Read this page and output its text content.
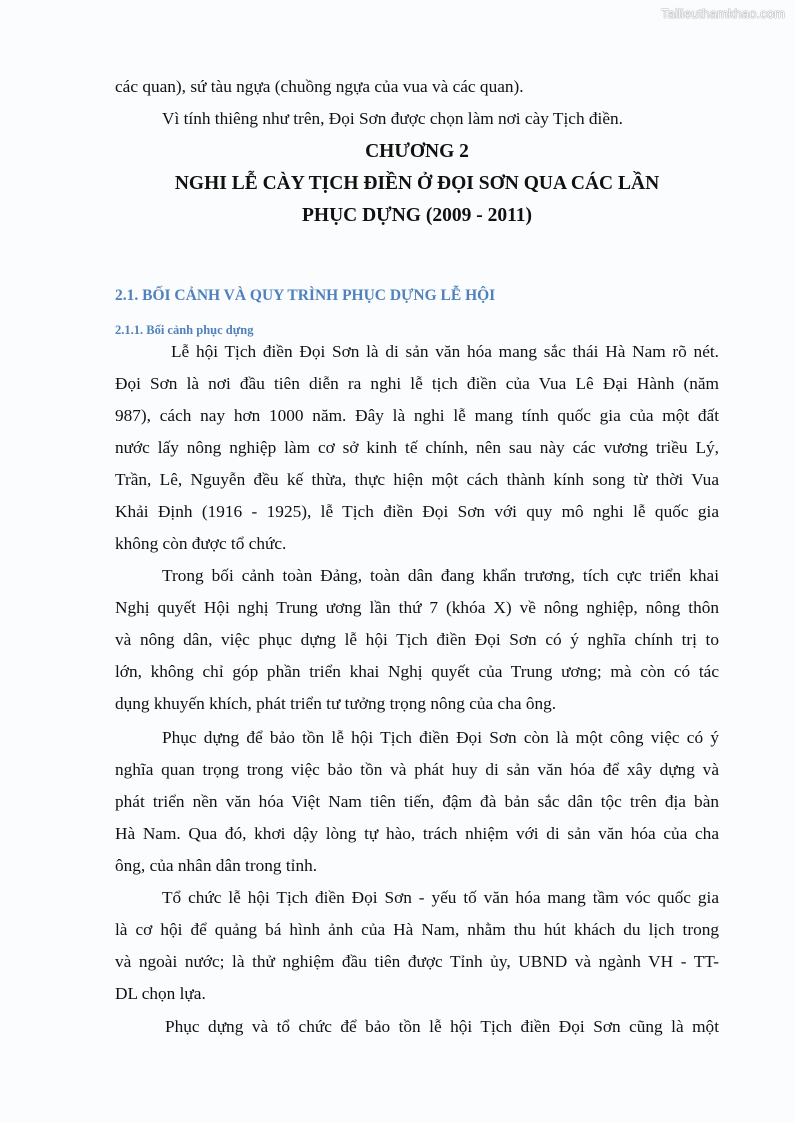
Tailieuthamkhao.com
các quan), sứ tàu ngựa (chuồng ngựa của vua và các quan).
Vì tính thiêng như trên, Đọi Sơn được chọn làm nơi cày Tịch điền.
CHƯƠNG 2
NGHI LỄ CÀY TỊCH ĐIỀN Ở ĐỌI SƠN QUA CÁC LẦN
PHỤC DỰNG (2009 - 2011)
2.1. BỐI CẢNH VÀ QUY TRÌNH PHỤC DỰNG LỄ HỘI
2.1.1. Bối cảnh phục dựng
Lễ hội Tịch điền Đọi Sơn là di sản văn hóa mang sắc thái Hà Nam rõ nét.
Đọi Sơn là nơi đầu tiên diễn ra nghi lễ tịch điền của Vua Lê Đại Hành (năm
987), cách nay hơn 1000 năm. Đây là nghi lễ mang tính quốc gia của một đất
nước lấy nông nghiệp làm cơ sở kinh tế chính, nên sau này các vương triều Lý,
Trần, Lê, Nguyễn đều kế thừa, thực hiện một cách thành kính song từ thời Vua
Khải Định (1916 - 1925), lễ Tịch điền Đọi Sơn với quy mô nghi lễ quốc gia
không còn được tổ chức.
Trong bối cảnh toàn Đảng, toàn dân đang khẩn trương, tích cực triển khai
Nghị quyết Hội nghị Trung ương lần thứ 7 (khóa X) về nông nghiệp, nông thôn
và nông dân, việc phục dựng lễ hội Tịch điền Đọi Sơn có ý nghĩa chính trị to
lớn, không chỉ góp phần triển khai Nghị quyết của Trung ương; mà còn có tác
dụng khuyến khích, phát triển tư tưởng trọng nông của cha ông.
Phục dựng để bảo tồn lễ hội Tịch điền Đọi Sơn còn là một công việc có ý
nghĩa quan trọng trong việc bảo tồn và phát huy di sản văn hóa để xây dựng và
phát triển nền văn hóa Việt Nam tiên tiến, đậm đà bản sắc dân tộc trên địa bàn
Hà Nam. Qua đó, khơi dậy lòng tự hào, trách nhiệm với di sản văn hóa của cha
ông, của nhân dân trong tỉnh.
Tổ chức lễ hội Tịch điền Đọi Sơn - yếu tố văn hóa mang tầm vóc quốc gia
là cơ hội để quảng bá hình ảnh của Hà Nam, nhằm thu hút khách du lịch trong
và ngoài nước; là thử nghiệm đầu tiên được Tỉnh ủy, UBND và ngành VH - TT-
DL chọn lựa.
Phục dựng và tổ chức để bảo tồn lễ hội Tịch điền Đọi Sơn cũng là một
